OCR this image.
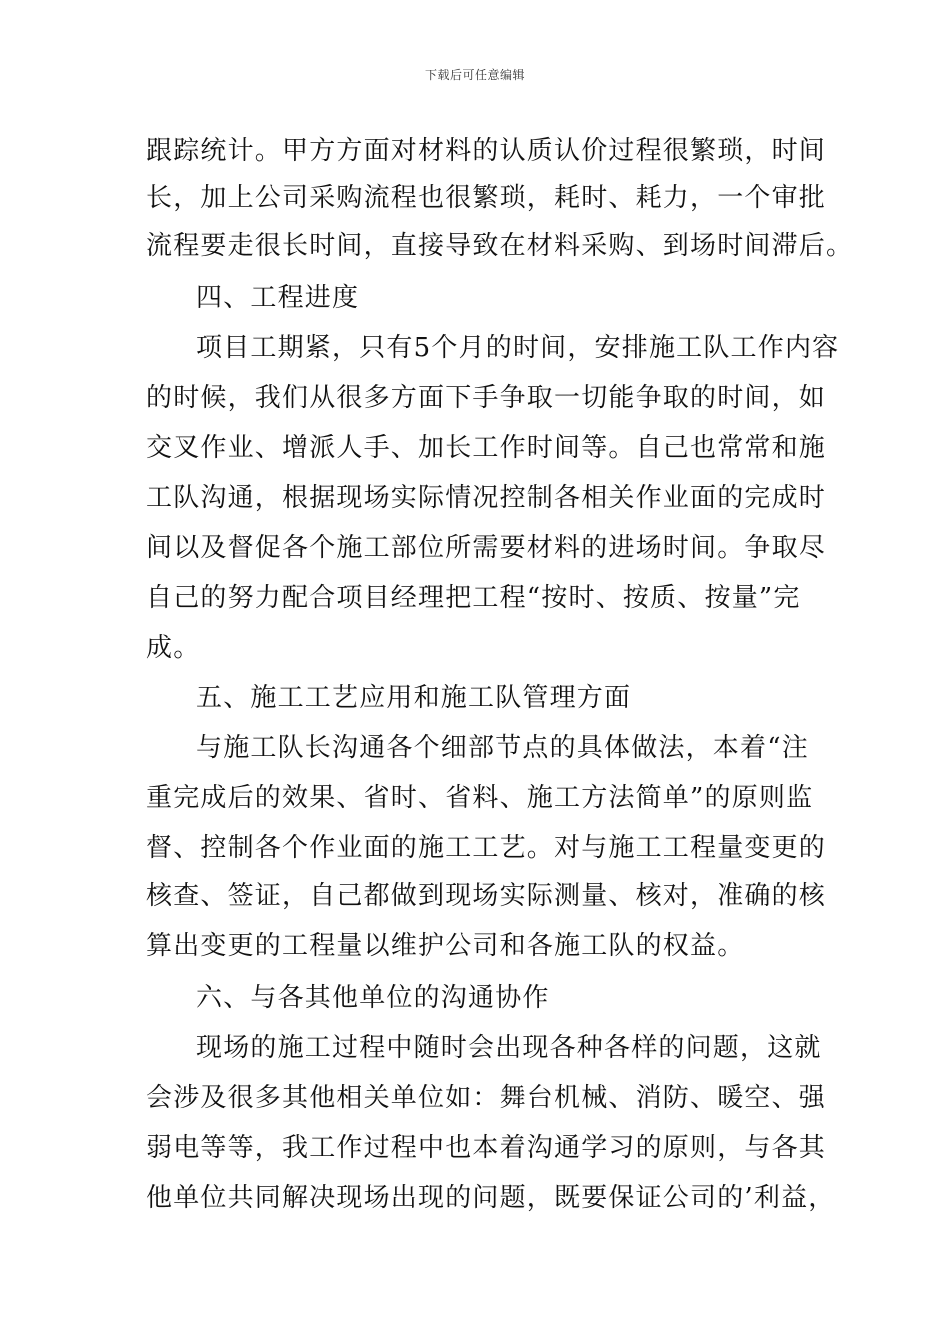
下载后可任意编辑
跟踪统计。甲方方面对材料的认质认价过程很繁琐，时间
长，加上公司采购流程也很繁琐，耗时、耗力，一个审批
流程要走很长时间，直接导致在材料采购、到场时间滞后。
四、工程进度
项目工期紧，只有5个月的时间，安排施工队工作内容
的时候，我们从很多方面下手争取一切能争取的时间，如
交叉作业、增派人手、加长工作时间等。自己也常常和施
工队沟通，根据现场实际情况控制各相关作业面的完成时
间以及督促各个施工部位所需要材料的进场时间。争取尽
自己的努力配合项目经理把工程“按时、按质、按量”完
成。
五、施工工艺应用和施工队管理方面
与施工队长沟通各个细部节点的具体做法，本着“注
重完成后的效果、省时、省料、施工方法简单”的原则监
督、控制各个作业面的施工工艺。对与施工工程量变更的
核查、签证，自己都做到现场实际测量、核对，准确的核
算出变更的工程量以维护公司和各施工队的权益。
六、与各其他单位的沟通协作
现场的施工过程中随时会出现各种各样的问题，这就
会涉及很多其他相关单位如：舞台机械、消防、暖空、强
弱电等等，我工作过程中也本着沟通学习的原则，与各其
他单位共同解决现场出现的问题，既要保证公司的’利益，
